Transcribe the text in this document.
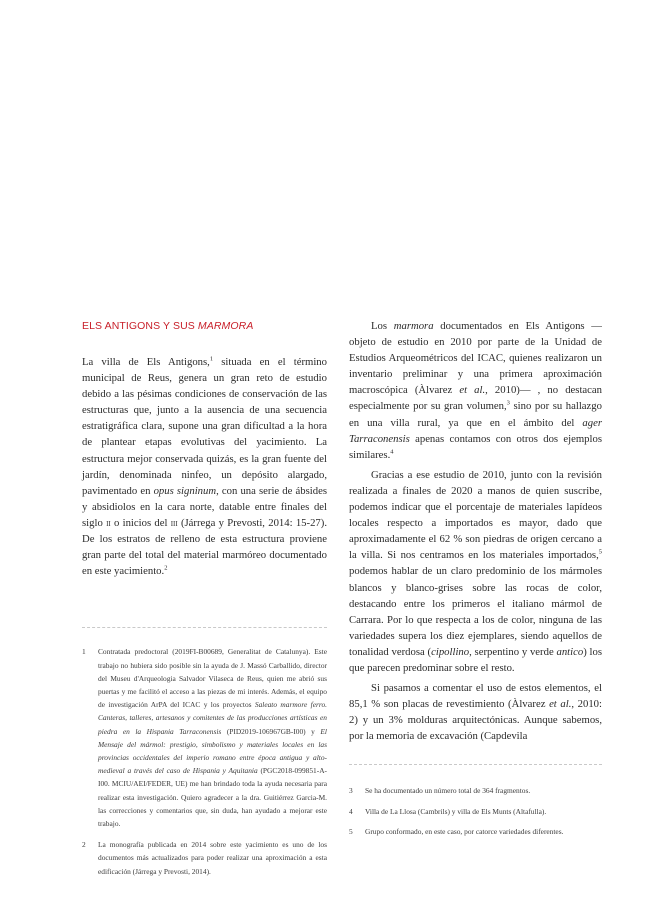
ELS ANTIGONS Y SUS MARMORA

La villa de Els Antigons,$^1$ situada en el término municipal de Reus, genera un gran reto de estudio debido a las pésimas condiciones de conservación de las estructuras que, junto a la ausencia de una secuencia estratigráfica clara, supone una gran dificultad a la hora de plantear etapas evolutivas del yacimiento. La estructura mejor conservada quizás, es la gran fuente del jardín, denominada ninfeo, un depósito alargado, pavimentado en opus signinum, con una serie de ábsides y absidiolos en la cara norte, datable entre finales del siglo ii o inicios del iii (Járrega y Prevosti, 2014: 15-27). De los estratos de relleno de esta estructura proviene gran parte del total del material marmóreo documentado en este yacimiento.$^2$

1	Contratada predoctoral (2019FI-B00689, Generalitat de Catalunya). Este trabajo no hubiera sido posible sin la ayuda de J. Massó Carballido, director del Museu d'Arqueologia Salvador Vilaseca de Reus, quien me abrió sus puertas y me facilitó el acceso a las piezas de mi interés. Además, el equipo de investigación ArPA del ICAC y los proyectos Saleato marmore ferro. Canteras, talleres, artesanos y comitentes de las producciones artísticas en piedra en la Hispania Tarraconensis (PID2019-106967GB-I00) y El Mensaje del mármol: prestigio, simbolismo y materiales locales en las provincias occidentales del imperio romano entre época antigua y alto-medieval a través del caso de Hispania y Aquitania (PGC2018-099851-A-I00. MCIU/AEI/FEDER, UE) me han brindado toda la ayuda necesaria para realizar esta investigación. Quiero agradecer a la dra. Guitiérrez Garcia-M. las correcciones y comentarios que, sin duda, han ayudado a mejorar este trabajo.
2	La monografía publicada en 2014 sobre este yacimiento es uno de los documentos más actualizados para poder realizar una aproximación a esta edificación (Járrega y Prevosti, 2014).

Los marmora documentados en Els Antigons —objeto de estudio en 2010 por parte de la Unidad de Estudios Arqueométricos del ICAC, quienes realizaron un inventario preliminar y una primera aproximación macroscópica (Àlvarez et al., 2010)— , no destacan especialmente por su gran volumen,$^3$ sino por su hallazgo en una villa rural, ya que en el ámbito del ager Tarraconensis apenas contamos con otros dos ejemplos similares.$^4$

Gracias a ese estudio de 2010, junto con la revisión realizada a finales de 2020 a manos de quien suscribe, podemos indicar que el porcentaje de materiales lapídeos locales respecto a importados es mayor, dado que aproximadamente el 62 % son piedras de origen cercano a la villa. Si nos centramos en los materiales importados,$^5$ podemos hablar de un claro predominio de los mármoles blancos y blanco-grises sobre las rocas de color, destacando entre los primeros el italiano mármol de Carrara. Por lo que respecta a los de color, ninguna de las variedades supera los diez ejemplares, siendo aquellos de tonalidad verdosa (cipollino, serpentino y verde antico) los que parecen predominar sobre el resto.

Si pasamos a comentar el uso de estos elementos, el 85,1 % son placas de revestimiento (Àlvarez et al., 2010: 2) y un 3% molduras arquitectónicas. Aunque sabemos, por la memoria de excavación (Capdevila

3	Se ha documentado un número total de 364 fragmentos.
4	Villa de La Llosa (Cambrils) y villa de Els Munts (Altafulla).
5	Grupo conformado, en este caso, por catorce variedades diferentes.
